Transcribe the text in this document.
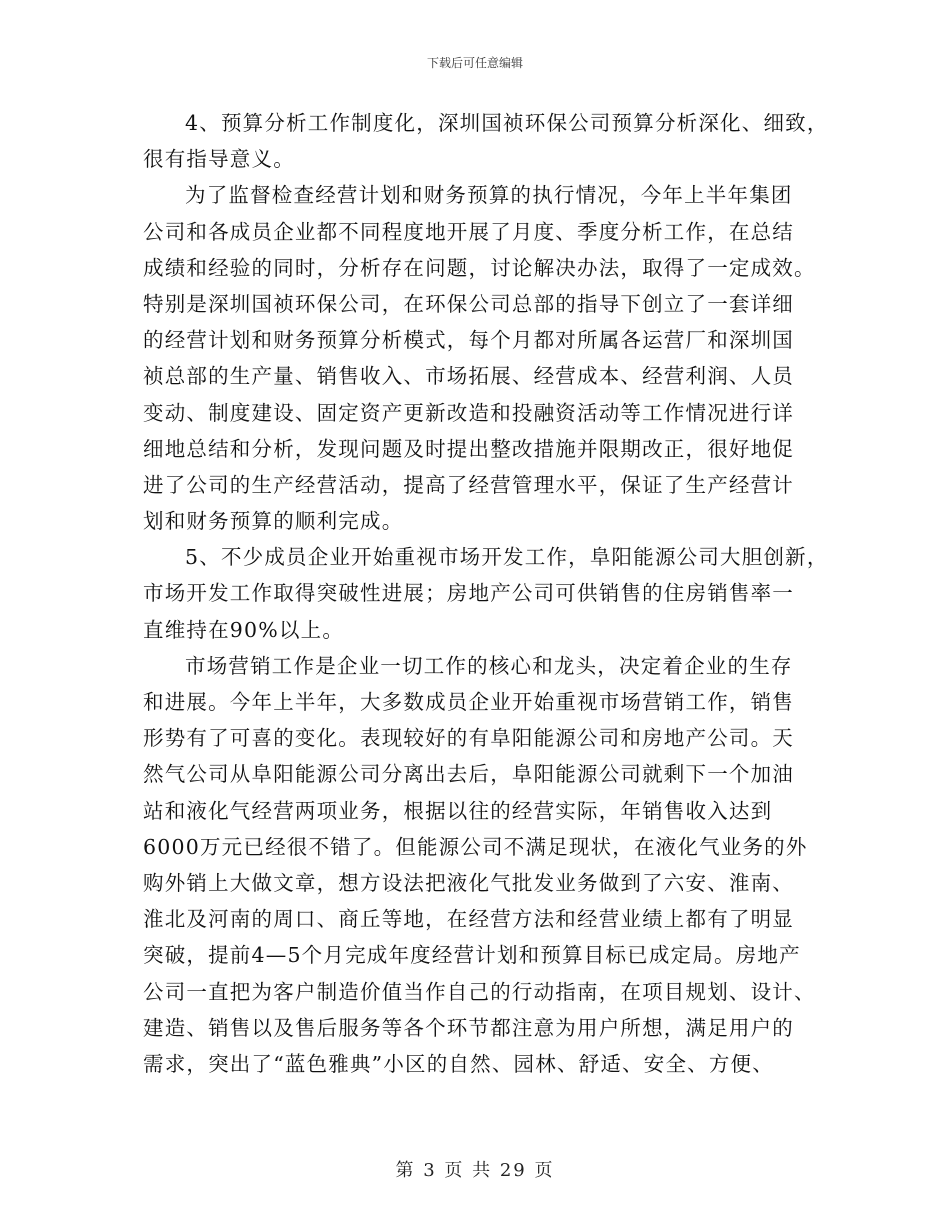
下载后可任意编辑
4、预算分析工作制度化，深圳国祯环保公司预算分析深化、细致，
很有指导意义。
为了监督检查经营计划和财务预算的执行情况，今年上半年集团
公司和各成员企业都不同程度地开展了月度、季度分析工作，在总结
成绩和经验的同时，分析存在问题，讨论解决办法，取得了一定成效。
特别是深圳国祯环保公司，在环保公司总部的指导下创立了一套详细
的经营计划和财务预算分析模式，每个月都对所属各运营厂和深圳国
祯总部的生产量、销售收入、市场拓展、经营成本、经营利润、人员
变动、制度建设、固定资产更新改造和投融资活动等工作情况进行详
细地总结和分析，发现问题及时提出整改措施并限期改正，很好地促
进了公司的生产经营活动，提高了经营管理水平，保证了生产经营计
划和财务预算的顺利完成。
5、不少成员企业开始重视市场开发工作，阜阳能源公司大胆创新，
市场开发工作取得突破性进展；房地产公司可供销售的住房销售率一
直维持在90%以上。
市场营销工作是企业一切工作的核心和龙头，决定着企业的生存
和进展。今年上半年，大多数成员企业开始重视市场营销工作，销售
形势有了可喜的变化。表现较好的有阜阳能源公司和房地产公司。天
然气公司从阜阳能源公司分离出去后，阜阳能源公司就剩下一个加油
站和液化气经营两项业务，根据以往的经营实际，年销售收入达到
6000万元已经很不错了。但能源公司不满足现状，在液化气业务的外
购外销上大做文章，想方设法把液化气批发业务做到了六安、淮南、
淮北及河南的周口、商丘等地，在经营方法和经营业绩上都有了明显
突破，提前4—5个月完成年度经营计划和预算目标已成定局。房地产
公司一直把为客户制造价值当作自己的行动指南，在项目规划、设计、
建造、销售以及售后服务等各个环节都注意为用户所想，满足用户的
需求，突出了“蓝色雅典”小区的自然、园林、舒适、安全、方便、
第 3 页 共 29 页
